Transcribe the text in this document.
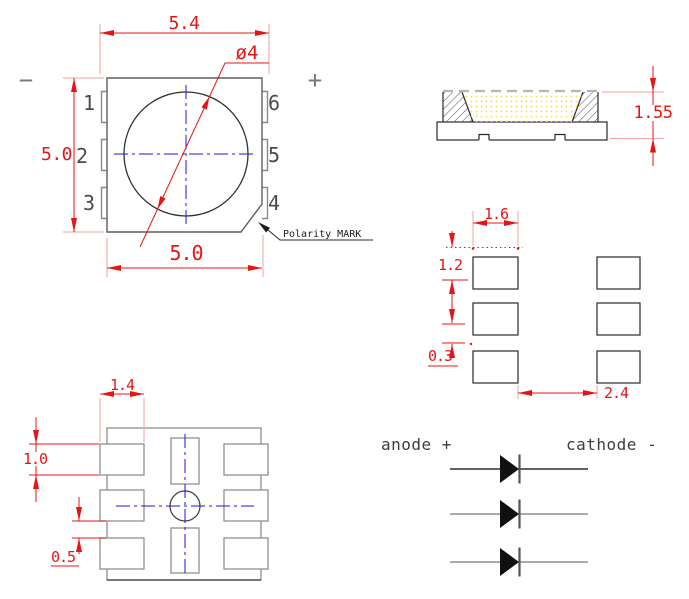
−	+
5.4
5.0
ø4
1
2
3
6
5
4
Polarity MARK
5.0
1.55
1.6
1.2
0.3
2.4
1.4
1.0
0.5
anode +	cathode -
